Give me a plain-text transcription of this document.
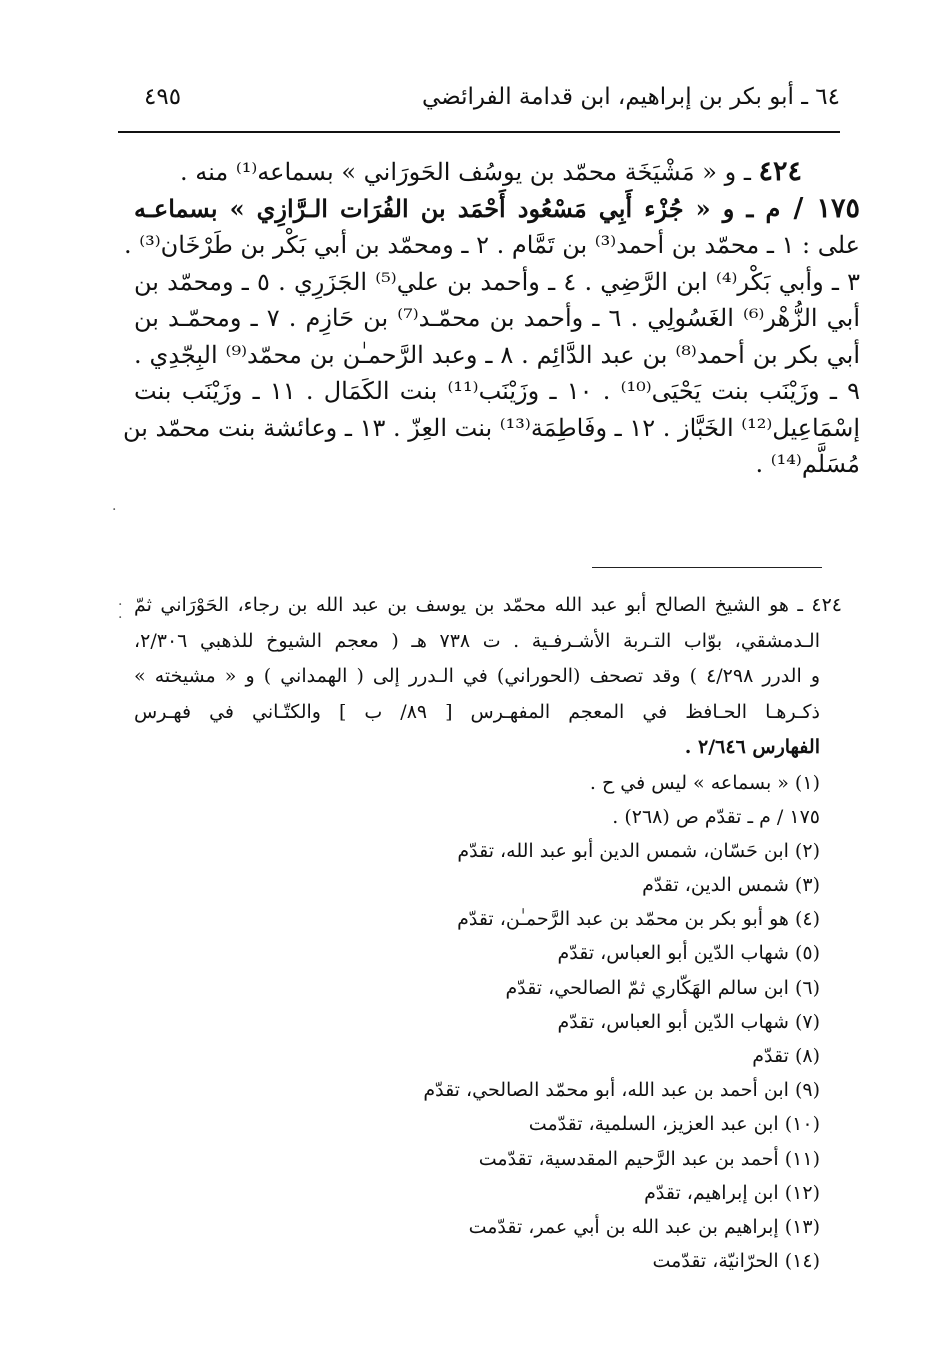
٦٤ ـ أبو بكر بن إبراهيم، ابن قدامة الفرائضي
٤٩٥
٤٢٤ ـ و « مَشْيَخَة محمّد بن يوسُف الحَورَاني » بسماعه⁽¹⁾ منه .
١٧٥ / م ـ و « جُزْء أَبِي مَسْعُود أَحْمَد بن الفُرَات الـرَّازِي » بسماعـه
على : ١ ـ محمّد بن أحمد⁽³⁾ بن تَمَّام . ٢ ـ ومحمّد بن أبي بَكْر بن طَرْخَان⁽³⁾ .
٣ ـ وأبي بَكْر⁽⁴⁾ ابن الرَّضِي . ٤ ـ وأحمد بن علي⁽⁵⁾ الجَزَرِي . ٥ ـ ومحمّد بن
أبي الزُّهْر⁽⁶⁾ الغَسُولِي . ٦ ـ وأحمد بن محمّـد⁽⁷⁾ بن حَازِم . ٧ ـ ومحمّـد بن
أبي بكر بن أحمد⁽⁸⁾ بن عبد الدَّائِم . ٨ ـ وعبد الرَّحمـٰن بن محمّد⁽⁹⁾ البِجّدِي .
٩ ـ وزَيْنَب بنت يَحْيَى⁽¹⁰⁾ . ١٠ ـ وزَيْنَب⁽¹¹⁾ بنت الكَمَال . ١١ ـ وزَيْنَب بنت
إسْمَاعِيل⁽¹²⁾ الخَبَّاز . ١٢ ـ وفَاطِمَة⁽¹³⁾ بنت العِزّ . ١٣ ـ وعائشة بنت محمّد بن
مُسَلَّم⁽¹⁴⁾ .
٤٢٤ ـ هو الشيخ الصالح أبو عبد الله محمّد بن يوسف بن عبد الله بن رجاء، الحَوْرَاني ثمّ
الـدمشقي، بوّاب التـربة الأشـرفـية . ت ٧٣٨ هـ ( معجم الشيوخ للذهبي ٢/٣٠٦،
و الدرر ٤/٢٩٨ ) وقد تصحف (الحوراني) في الـدرر إلى ( الهمداني ) و « مشيخته »
ذكـرهـا الحـافظ في المعجم المفهـرس [ ٨٩/ ب ] والكتّـاني في فهـرس
الفهارس ٢/٦٤٦ .
(١) « بسماعه » ليس في ح .
١٧٥ / م ـ تقدّم ص (٢٦٨) .
(٢) ابن حَسّان، شمس الدين أبو عبد الله، تقدّم
(٣) شمس الدين، تقدّم
(٤) هو أبو بكر بن محمّد بن عبد الرَّحمـٰن، تقدّم
(٥) شهاب الدّين أبو العباس، تقدّم
(٦) ابن سالم الهَكّاري ثمّ الصالحي، تقدّم
(٧) شهاب الدّين أبو العباس، تقدّم
(٨) تقدّم
(٩) ابن أحمد بن عبد الله، أبو محمّد الصالحي، تقدّم
(١٠) ابن عبد العزيز، السلمية، تقدّمت
(١١) أحمد بن عبد الرَّحيم المقدسية، تقدّمت
(١٢) ابن إبراهيم، تقدّم
(١٣) إبراهيم بن عبد الله بن أبي عمر، تقدّمت
(١٤) الحرّانيّة، تقدّمت
·
·
·
